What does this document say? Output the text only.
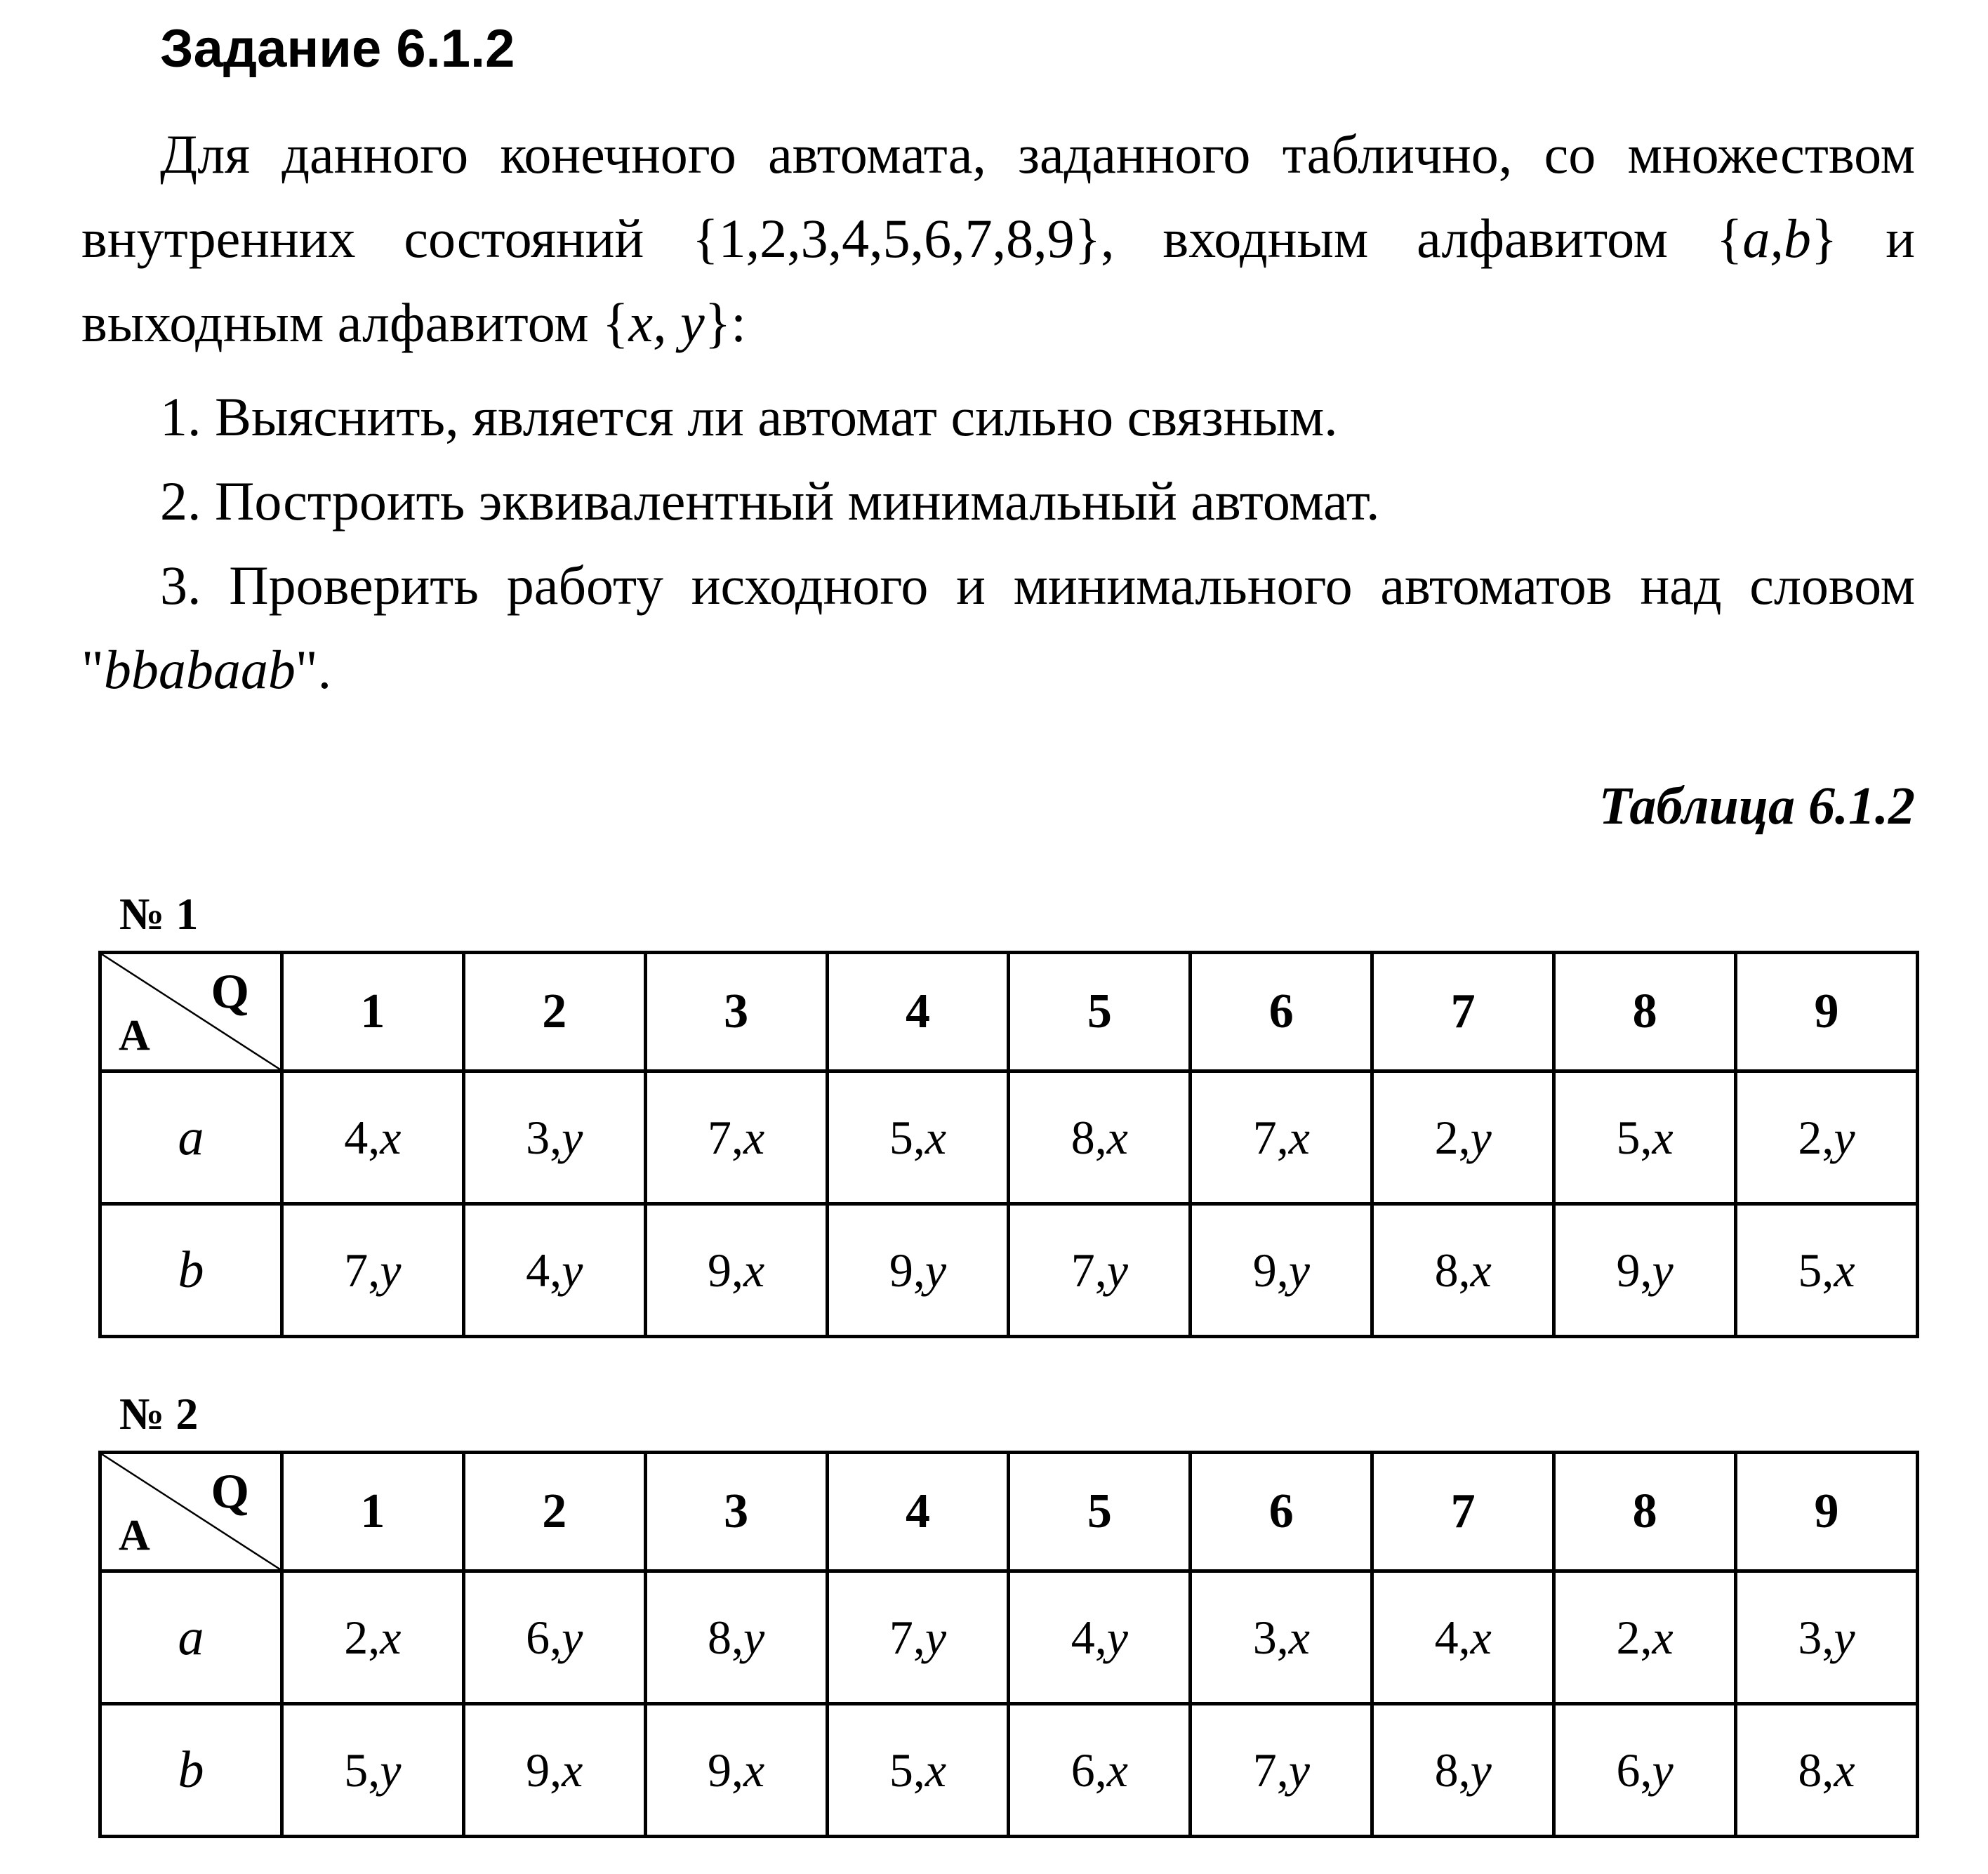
Задание 6.1.2
Для данного конечного автомата, заданного таблично, со множеством внутренних состояний {1,2,3,4,5,6,7,8,9}, входным алфавитом {a,b} и выходным алфавитом {x, y}:
1. Выяснить, является ли автомат сильно связным.
2. Построить эквивалентный минимальный автомат.
3. Проверить работу исходного и минимального автоматов над словом "bbabaab".
Таблица 6.1.2
№ 1
Q
A	1	2	3	4	5	6	7	8	9
a	4,x	3,y	7,x	5,x	8,x	7,x	2,y	5,x	2,y
b	7,y	4,y	9,x	9,y	7,y	9,y	8,x	9,y	5,x
№ 2
Q
A	1	2	3	4	5	6	7	8	9
a	2,x	6,y	8,y	7,y	4,y	3,x	4,x	2,x	3,y
b	5,y	9,x	9,x	5,x	6,x	7,y	8,y	6,y	8,x
